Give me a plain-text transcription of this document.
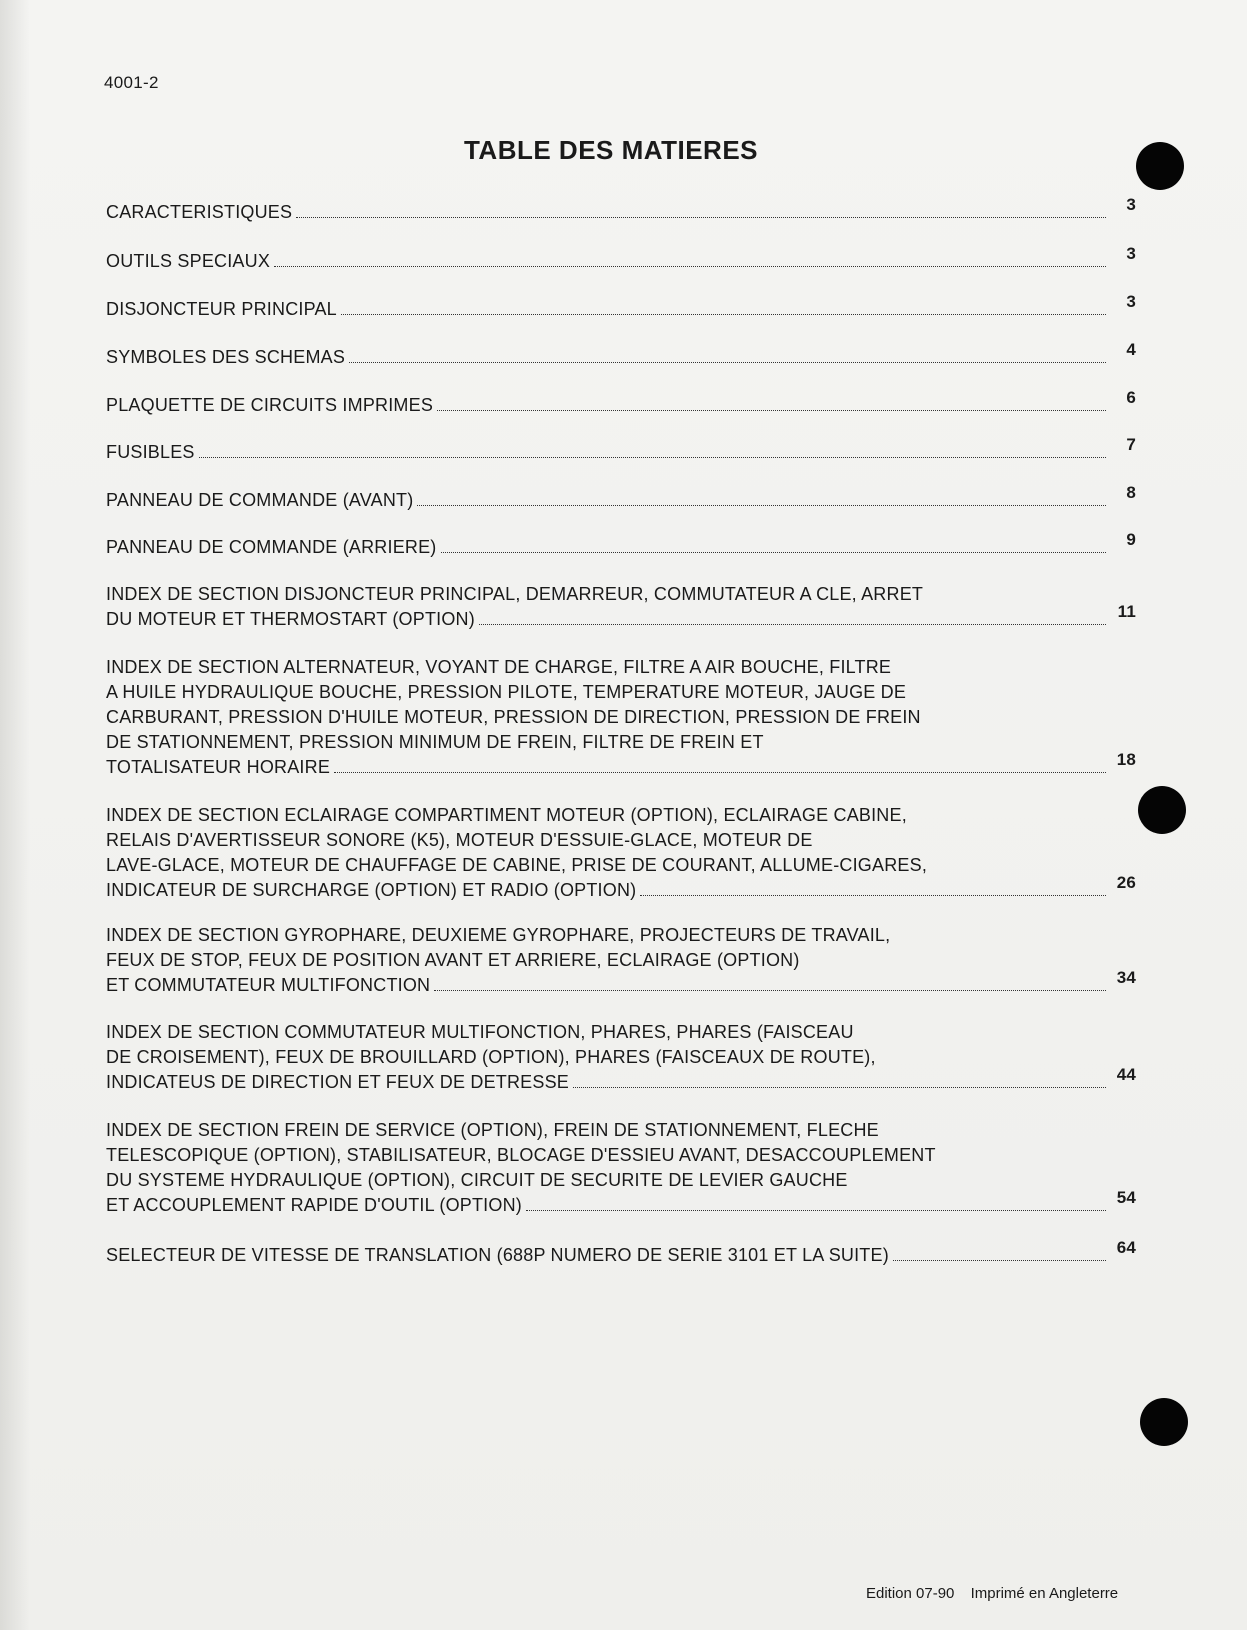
4001-2
TABLE DES MATIERES
CARACTERISTIQUES	3
OUTILS SPECIAUX	3
DISJONCTEUR PRINCIPAL	3
SYMBOLES DES SCHEMAS	4
PLAQUETTE DE CIRCUITS IMPRIMES	6
FUSIBLES	7
PANNEAU DE COMMANDE (AVANT)	8
PANNEAU DE COMMANDE (ARRIERE)	9
INDEX DE SECTION DISJONCTEUR PRINCIPAL, DEMARREUR, COMMUTATEUR A CLE, ARRET
DU MOTEUR ET THERMOSTART (OPTION)	11
INDEX DE SECTION ALTERNATEUR, VOYANT DE CHARGE, FILTRE A AIR BOUCHE, FILTRE
A HUILE HYDRAULIQUE BOUCHE, PRESSION PILOTE, TEMPERATURE MOTEUR, JAUGE DE
CARBURANT, PRESSION D'HUILE MOTEUR, PRESSION DE DIRECTION, PRESSION DE FREIN
DE STATIONNEMENT, PRESSION MINIMUM DE FREIN, FILTRE DE FREIN ET
TOTALISATEUR HORAIRE	18
INDEX DE SECTION ECLAIRAGE COMPARTIMENT MOTEUR (OPTION), ECLAIRAGE CABINE,
RELAIS D'AVERTISSEUR SONORE (K5), MOTEUR D'ESSUIE-GLACE, MOTEUR DE
LAVE-GLACE, MOTEUR DE CHAUFFAGE DE CABINE, PRISE DE COURANT, ALLUME-CIGARES,
INDICATEUR DE SURCHARGE (OPTION) ET RADIO (OPTION)	26
INDEX DE SECTION GYROPHARE, DEUXIEME GYROPHARE, PROJECTEURS DE TRAVAIL,
FEUX DE STOP, FEUX DE POSITION AVANT ET ARRIERE, ECLAIRAGE (OPTION)
ET COMMUTATEUR MULTIFONCTION	34
INDEX DE SECTION COMMUTATEUR MULTIFONCTION, PHARES, PHARES (FAISCEAU
DE CROISEMENT), FEUX DE BROUILLARD (OPTION), PHARES (FAISCEAUX DE ROUTE),
INDICATEUS DE DIRECTION ET FEUX DE DETRESSE	44
INDEX DE SECTION FREIN DE SERVICE (OPTION), FREIN DE STATIONNEMENT, FLECHE
TELESCOPIQUE (OPTION), STABILISATEUR, BLOCAGE D'ESSIEU AVANT, DESACCOUPLEMENT
DU SYSTEME HYDRAULIQUE (OPTION), CIRCUIT DE SECURITE DE LEVIER GAUCHE
ET ACCOUPLEMENT RAPIDE D'OUTIL (OPTION)	54
SELECTEUR DE VITESSE DE TRANSLATION (688P NUMERO DE SERIE 3101 ET LA SUITE)	64
Edition 07-90 Imprimé en Angleterre
